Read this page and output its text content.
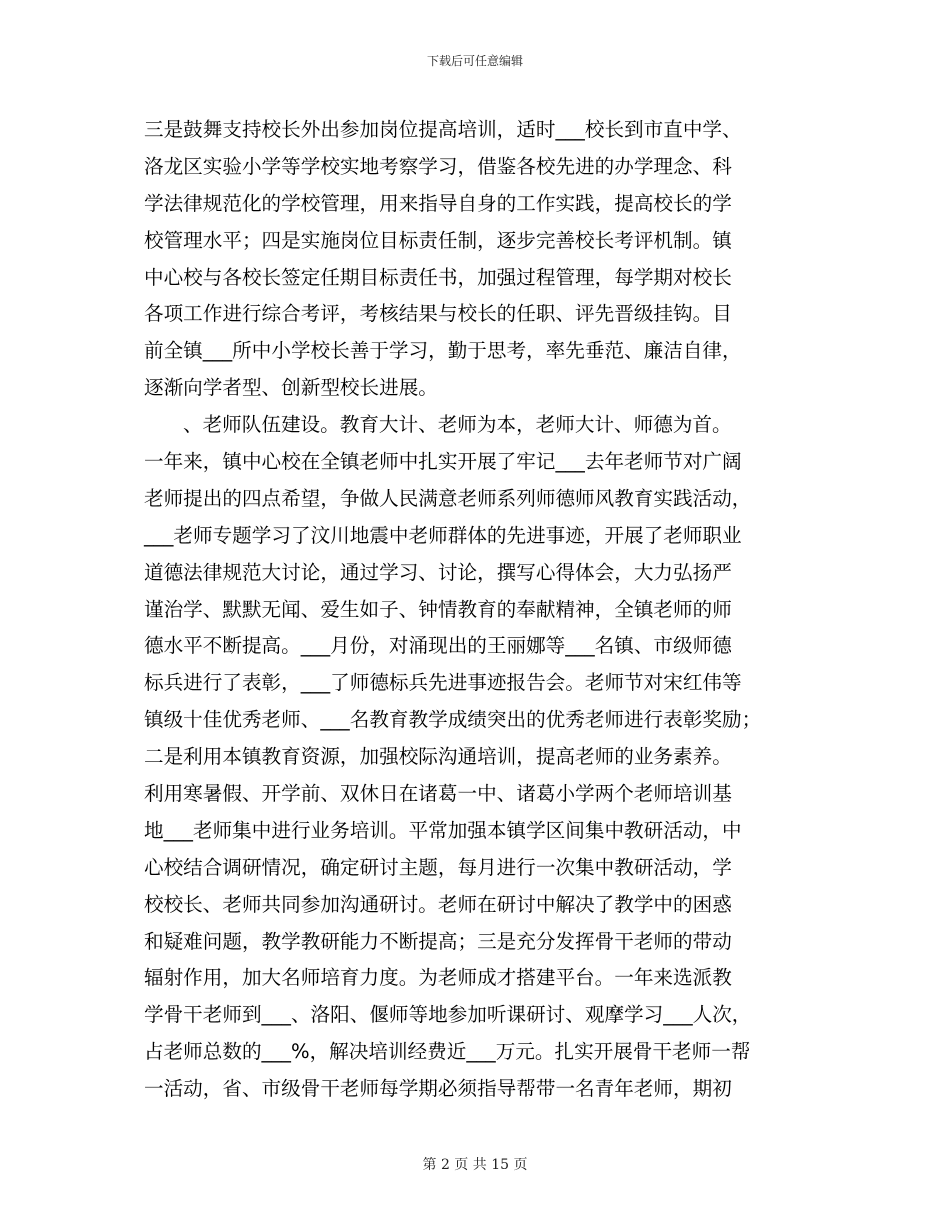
下载后可任意编辑
三是鼓舞支持校长外出参加岗位提高培训，适时___校长到市直中学、
洛龙区实验小学等学校实地考察学习，借鉴各校先进的办学理念、科
学法律规范化的学校管理，用来指导自身的工作实践，提高校长的学
校管理水平；四是实施岗位目标责任制，逐步完善校长考评机制。镇
中心校与各校长签定任期目标责任书，加强过程管理，每学期对校长
各项工作进行综合考评，考核结果与校长的任职、评先晋级挂钩。目
前全镇___所中小学校长善于学习，勤于思考，率先垂范、廉洁自律，
逐渐向学者型、创新型校长进展。
、老师队伍建设。教育大计、老师为本，老师大计、师德为首。
一年来，镇中心校在全镇老师中扎实开展了牢记___去年老师节对广阔
老师提出的四点希望，争做人民满意老师系列师德师风教育实践活动，
___老师专题学习了汶川地震中老师群体的先进事迹，开展了老师职业
道德法律规范大讨论，通过学习、讨论，撰写心得体会，大力弘扬严
谨治学、默默无闻、爱生如子、钟情教育的奉献精神，全镇老师的师
德水平不断提高。___月份，对涌现出的王丽娜等___名镇、市级师德
标兵进行了表彰，___了师德标兵先进事迹报告会。老师节对宋红伟等
镇级十佳优秀老师、___名教育教学成绩突出的优秀老师进行表彰奖励；
二是利用本镇教育资源，加强校际沟通培训，提高老师的业务素养。
利用寒暑假、开学前、双休日在诸葛一中、诸葛小学两个老师培训基
地___老师集中进行业务培训。平常加强本镇学区间集中教研活动，中
心校结合调研情况，确定研讨主题，每月进行一次集中教研活动，学
校校长、老师共同参加沟通研讨。老师在研讨中解决了教学中的困惑
和疑难问题，教学教研能力不断提高；三是充分发挥骨干老师的带动
辐射作用，加大名师培育力度。为老师成才搭建平台。一年来选派教
学骨干老师到___、洛阳、偃师等地参加听课研讨、观摩学习___人次，
占老师总数的___%，解决培训经费近___万元。扎实开展骨干老师一帮
一活动，省、市级骨干老师每学期必须指导帮带一名青年老师，期初
第 2 页 共 15 页
